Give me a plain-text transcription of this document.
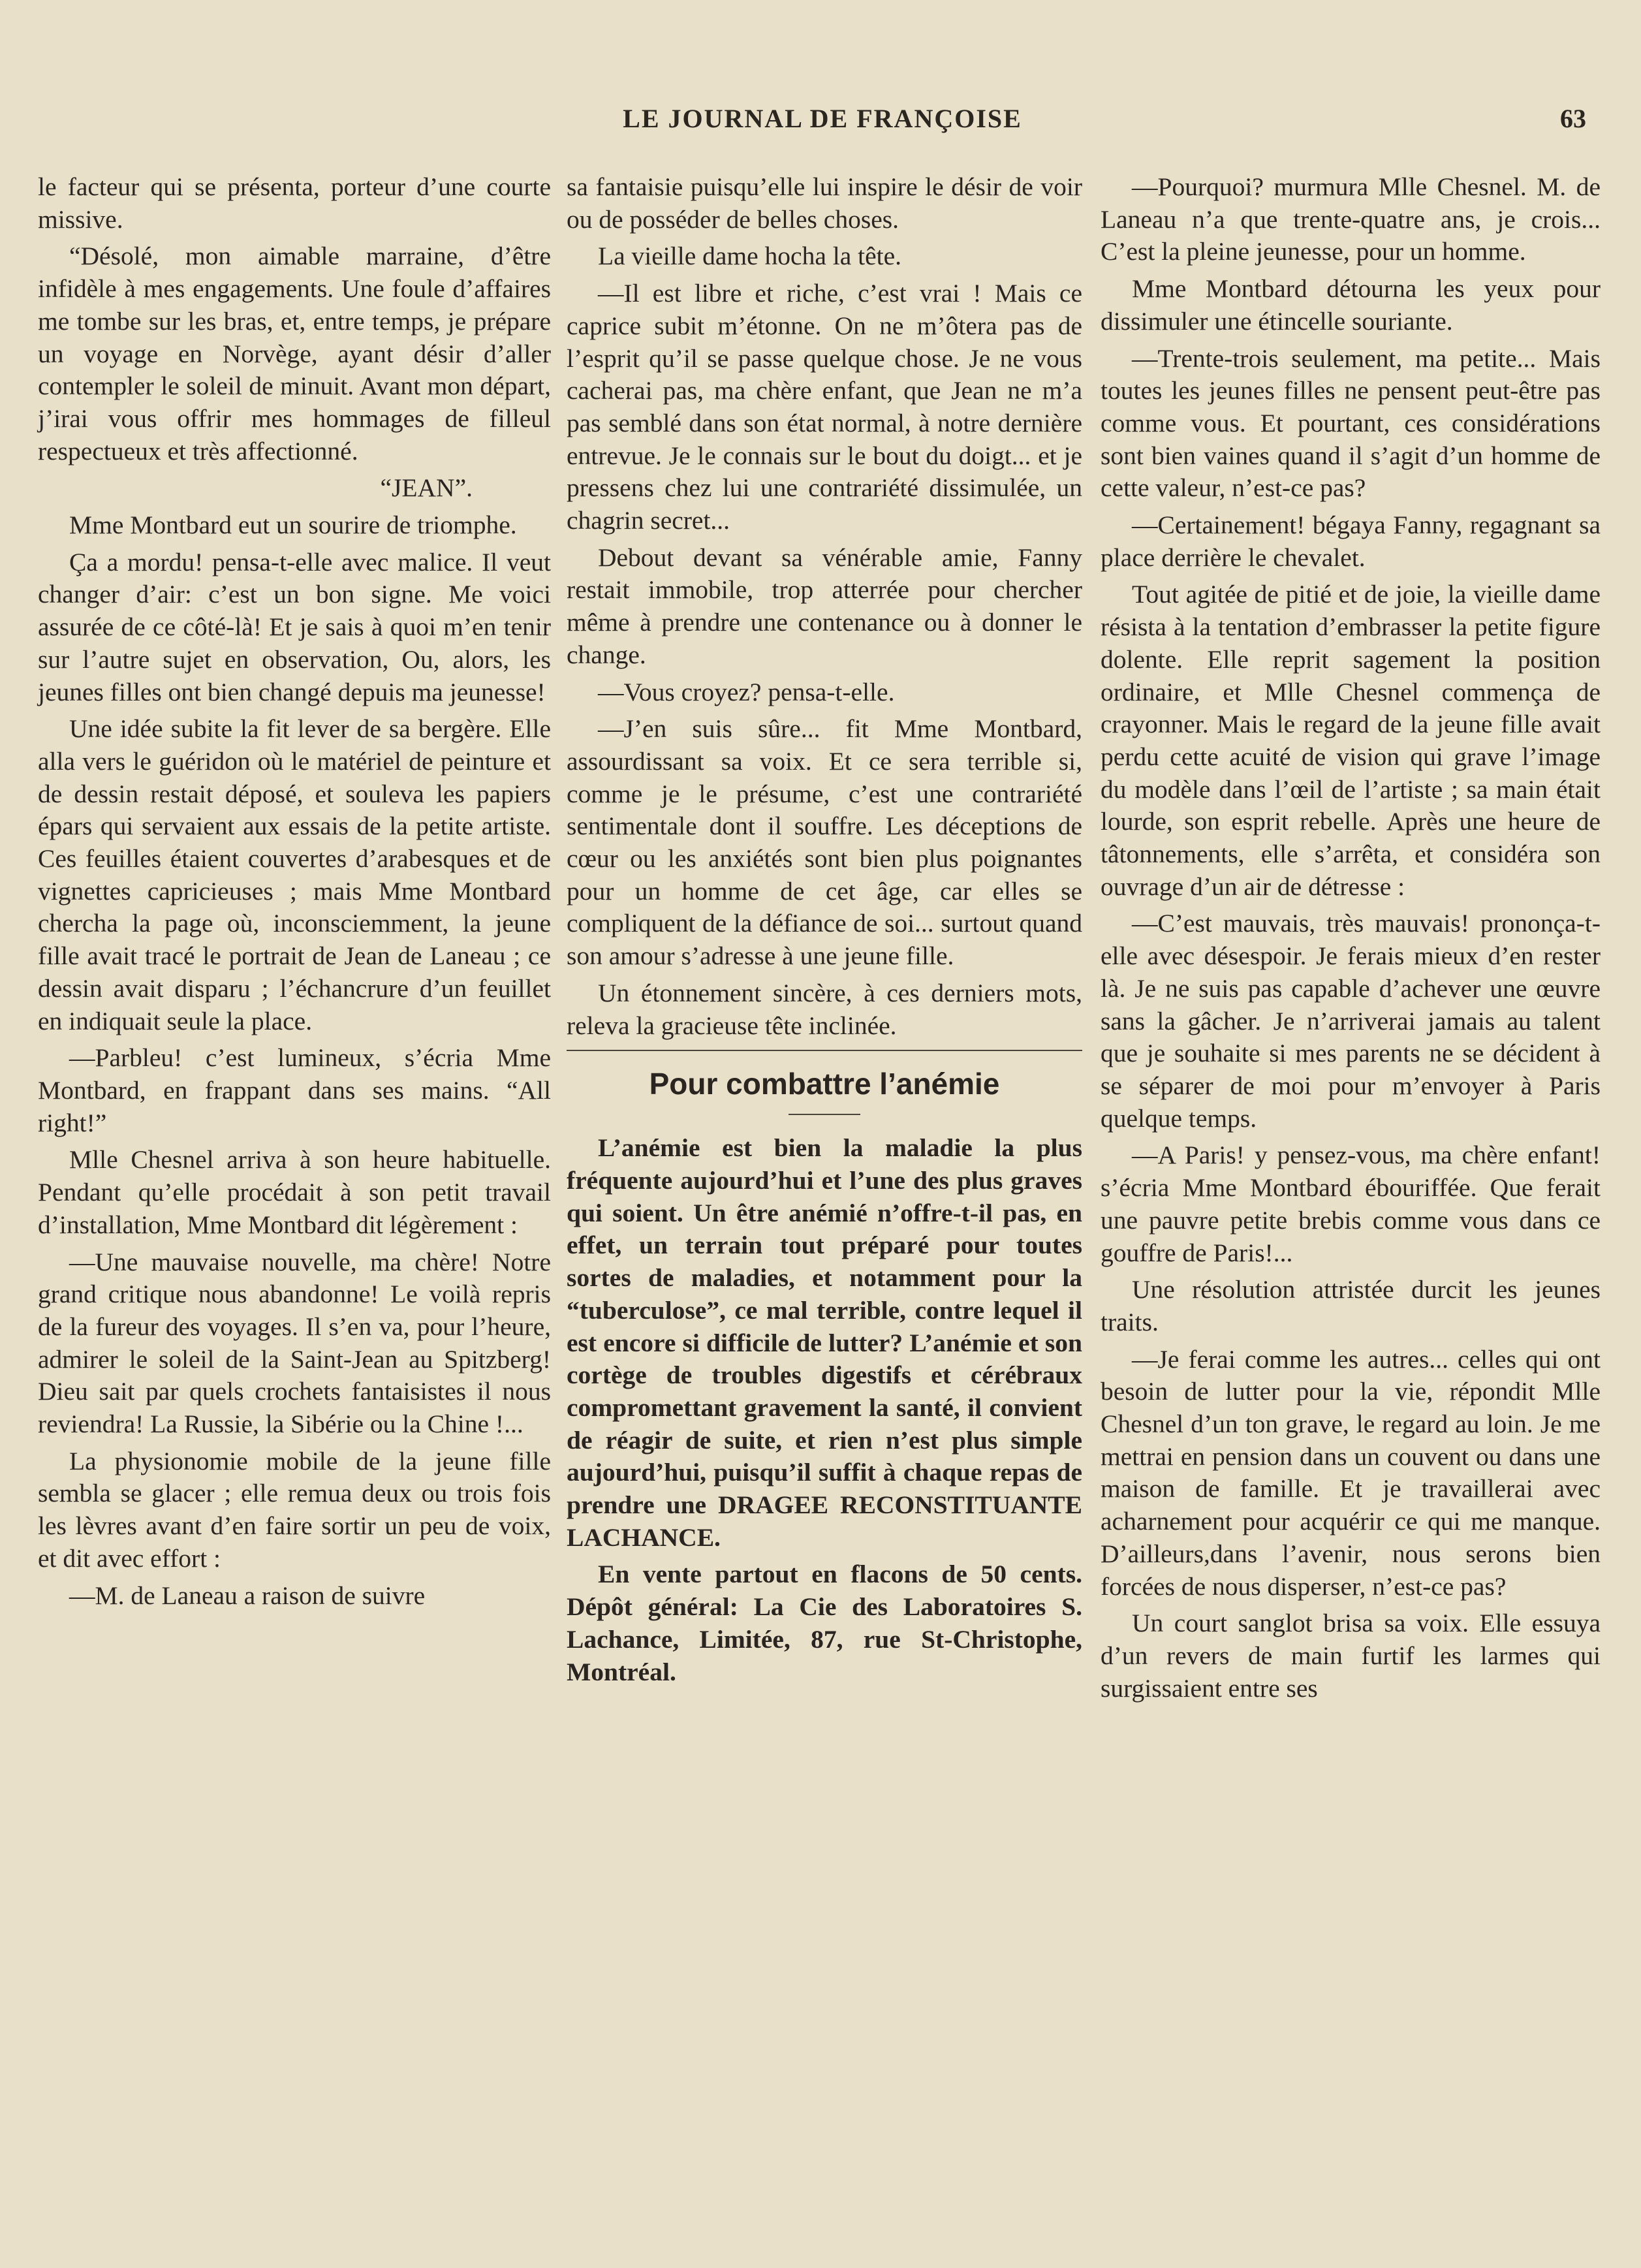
LE JOURNAL DE FRANÇOISE	63

le facteur qui se présenta, porteur d’une courte missive.

“Désolé, mon aimable marraine, d’être infidèle à mes engagements. Une foule d’affaires me tombe sur les bras, et, entre temps, je prépare un voyage en Norvège, ayant désir d’aller contempler le soleil de minuit. Avant mon départ, j’irai vous offrir mes hommages de filleul respectueux et très affectionné.

“JEAN”.

Mme Montbard eut un sourire de triomphe.

Ça a mordu! pensa-t-elle avec malice. Il veut changer d’air: c’est un bon signe. Me voici assurée de ce côté-là! Et je sais à quoi m’en tenir sur l’autre sujet en observation, Ou, alors, les jeunes filles ont bien changé depuis ma jeunesse!

Une idée subite la fit lever de sa bergère. Elle alla vers le guéridon où le matériel de peinture et de dessin restait déposé, et souleva les papiers épars qui servaient aux essais de la petite artiste. Ces feuilles étaient couvertes d’arabesques et de vignettes capricieuses ; mais Mme Montbard chercha la page où, inconsciemment, la jeune fille avait tracé le portrait de Jean de Laneau ; ce dessin avait disparu ; l’échancrure d’un feuillet en indiquait seule la place.

—Parbleu! c’est lumineux, s’écria Mme Montbard, en frappant dans ses mains. “All right!”

Mlle Chesnel arriva à son heure habituelle. Pendant qu’elle procédait à son petit travail d’installation, Mme Montbard dit légèrement :

—Une mauvaise nouvelle, ma chère! Notre grand critique nous abandonne! Le voilà repris de la fureur des voyages. Il s’en va, pour l’heure, admirer le soleil de la Saint-Jean au Spitzberg! Dieu sait par quels crochets fantaisistes il nous reviendra! La Russie, la Sibérie ou la Chine !...

La physionomie mobile de la jeune fille sembla se glacer ; elle remua deux ou trois fois les lèvres avant d’en faire sortir un peu de voix, et dit avec effort :

—M. de Laneau a raison de suivre

sa fantaisie puisqu’elle lui inspire le désir de voir ou de posséder de belles choses.

La vieille dame hocha la tête.

—Il est libre et riche, c’est vrai ! Mais ce caprice subit m’étonne. On ne m’ôtera pas de l’esprit qu’il se passe quelque chose. Je ne vous cacherai pas, ma chère enfant, que Jean ne m’a pas semblé dans son état normal, à notre dernière entrevue. Je le connais sur le bout du doigt... et je pressens chez lui une contrariété dissimulée, un chagrin secret...

Debout devant sa vénérable amie, Fanny restait immobile, trop atterrée pour chercher même à prendre une contenance ou à donner le change.

—Vous croyez? pensa-t-elle.

—J’en suis sûre... fit Mme Montbard, assourdissant sa voix. Et ce sera terrible si, comme je le présume, c’est une contrariété sentimentale dont il souffre. Les déceptions de cœur ou les anxiétés sont bien plus poignantes pour un homme de cet âge, car elles se compliquent de la défiance de soi... surtout quand son amour s’adresse à une jeune fille.

Un étonnement sincère, à ces derniers mots, releva la gracieuse tête inclinée.

Pour combattre l’anémie

L’anémie est bien la maladie la plus fréquente aujourd’hui et l’une des plus graves qui soient. Un être anémié n’offre-t-il pas, en effet, un terrain tout préparé pour toutes sortes de maladies, et notamment pour la “tuberculose”, ce mal terrible, contre lequel il est encore si difficile de lutter? L’anémie et son cortège de troubles digestifs et cérébraux compromettant gravement la santé, il convient de réagir de suite, et rien n’est plus simple aujourd’hui, puisqu’il suffit à chaque repas de prendre une DRAGEE RECONSTITUANTE LACHANCE.

En vente partout en flacons de 50 cents. Dépôt général: La Cie des Laboratoires S. Lachance, Limitée, 87, rue St-Christophe, Montréal.

—Pourquoi? murmura Mlle Chesnel. M. de Laneau n’a que trente-quatre ans, je crois... C’est la pleine jeunesse, pour un homme.

Mme Montbard détourna les yeux pour dissimuler une étincelle souriante.

—Trente-trois seulement, ma petite... Mais toutes les jeunes filles ne pensent peut-être pas comme vous. Et pourtant, ces considérations sont bien vaines quand il s’agit d’un homme de cette valeur, n’est-ce pas?

—Certainement! bégaya Fanny, regagnant sa place derrière le chevalet.

Tout agitée de pitié et de joie, la vieille dame résista à la tentation d’embrasser la petite figure dolente. Elle reprit sagement la position ordinaire, et Mlle Chesnel commença de crayonner. Mais le regard de la jeune fille avait perdu cette acuité de vision qui grave l’image du modèle dans l’œil de l’artiste ; sa main était lourde, son esprit rebelle. Après une heure de tâtonnements, elle s’arrêta, et considéra son ouvrage d’un air de détresse :

—C’est mauvais, très mauvais! prononça-t-elle avec désespoir. Je ferais mieux d’en rester là. Je ne suis pas capable d’achever une œuvre sans la gâcher. Je n’arriverai jamais au talent que je souhaite si mes parents ne se décident à se séparer de moi pour m’envoyer à Paris quelque temps.

—A Paris! y pensez-vous, ma chère enfant! s’écria Mme Montbard ébouriffée. Que ferait une pauvre petite brebis comme vous dans ce gouffre de Paris!...

Une résolution attristée durcit les jeunes traits.

—Je ferai comme les autres... celles qui ont besoin de lutter pour la vie, répondit Mlle Chesnel d’un ton grave, le regard au loin. Je me mettrai en pension dans un couvent ou dans une maison de famille. Et je travaillerai avec acharnement pour acquérir ce qui me manque. D’ailleurs,dans l’avenir, nous serons bien forcées de nous disperser, n’est-ce pas?

Un court sanglot brisa sa voix. Elle essuya d’un revers de main furtif les larmes qui surgissaient entre ses
